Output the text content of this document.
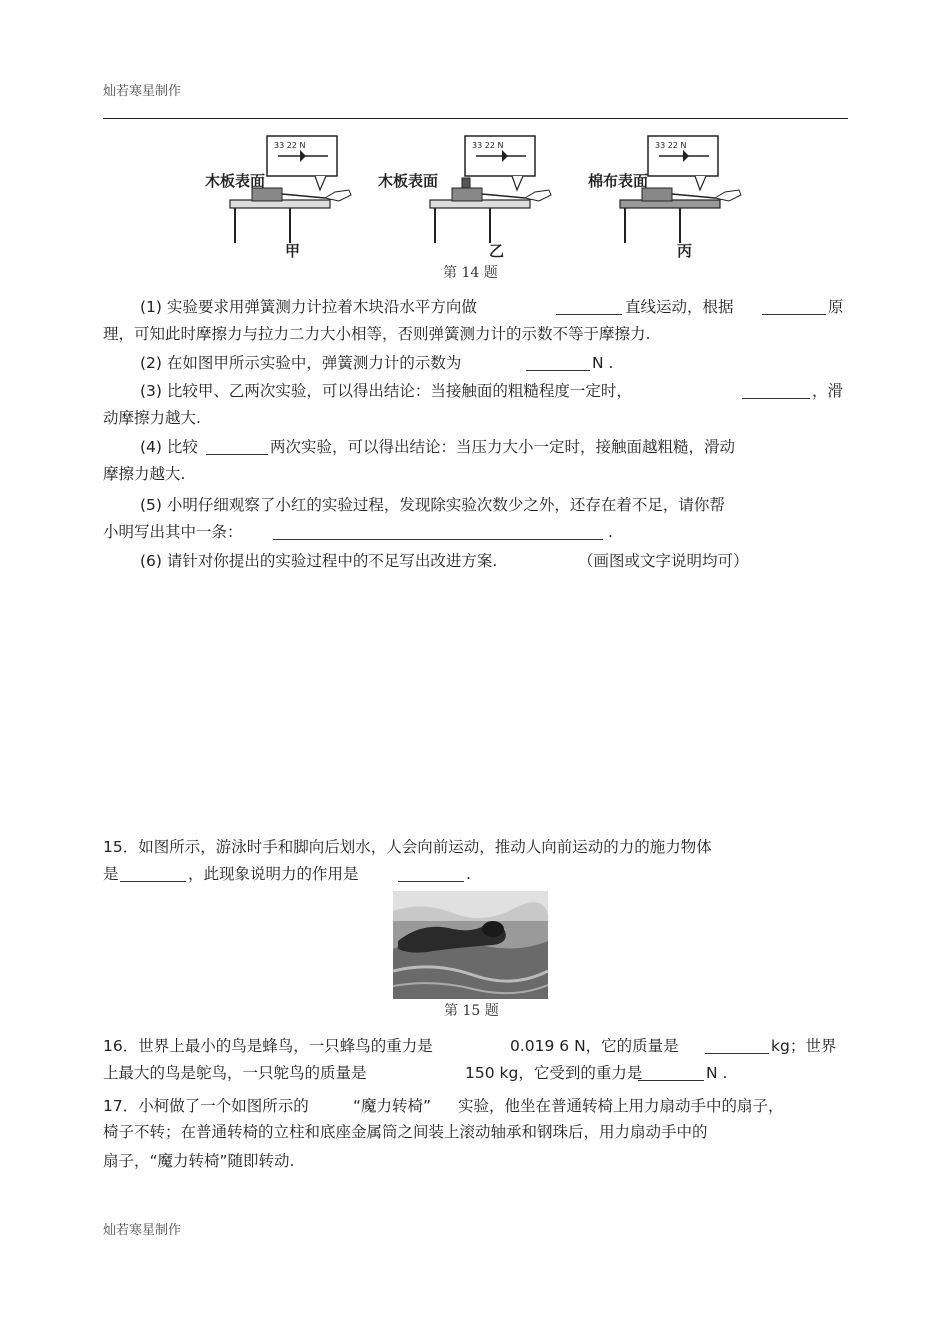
灿若寒星制作
33 22 N	33 22 N	33 22 N
木板表面	木板表面	棉布表面
甲	乙	丙
第 14 题
(1) 实验要求用弹簧测力计拉着木块沿水平方向做	直线运动，根据	原
理，可知此时摩擦力与拉力二力大小相等，否则弹簧测力计的示数不等于摩擦力.
(2) 在如图甲所示实验中，弹簧测力计的示数为	N .
(3) 比较甲、乙两次实验，可以得出结论：当接触面的粗糙程度一定时，	，滑
动摩擦力越大.
(4) 比较	两次实验，可以得出结论：当压力大小一定时，接触面越粗糙，滑动
摩擦力越大.
(5) 小明仔细观察了小红的实验过程，发现除实验次数少之外，还存在着不足，请你帮
小明写出其中一条：	.
(6) 请针对你提出的实验过程中的不足写出改进方案.	（画图或文字说明均可）
15．如图所示，游泳时手和脚向后划水，人会向前运动，推动人向前运动的力的施力物体
是	，此现象说明力的作用是	.
第 15 题
16．世界上最小的鸟是蜂鸟，一只蜂鸟的重力是	0.019 6 N，它的质量是	kg；世界
上最大的鸟是鸵鸟，一只鸵鸟的质量是	150 kg，它受到的重力是	N .
17．小柯做了一个如图所示的	“魔力转椅” 实验，他坐在普通转椅上用力扇动手中的扇子，
椅子不转；在普通转椅的立柱和底座金属筒之间装上滚动轴承和钢珠后，用力扇动手中的
扇子，“魔力转椅”随即转动.
灿若寒星制作
